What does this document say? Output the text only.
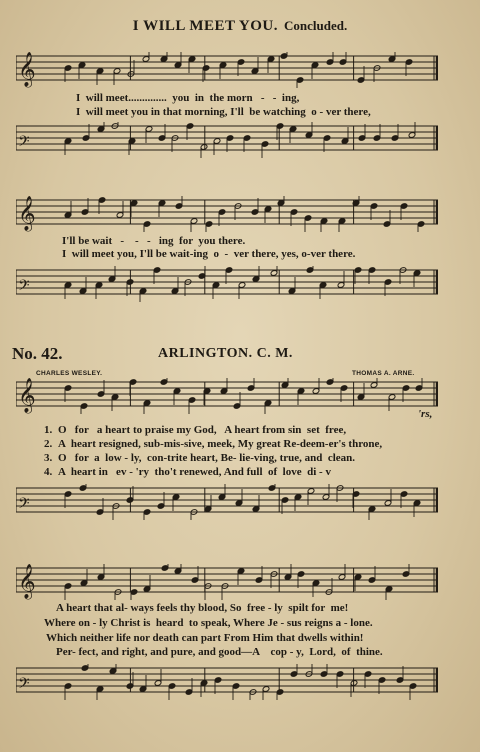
I WILL MEET YOU. Concluded.
𝄞
I  will meet..............  you  in  the morn   -   -  ing,
I  will meet you in that morning, I'll  be watching  o - ver there,
𝄢
𝄞
I'll be wait   -    -   -   ing  for  you there.
I  will meet you, I'll be wait-ing  o  -  ver there, yes, o-ver there.
𝄢
No. 42.	ARLINGTON. C. M.
CHARLES WESLEY.	THOMAS A. ARNE.
𝄞
'rs,
1. O   for   a heart to praise my God,   A heart from sin  set  free,
2. A  heart resigned, sub-mis-sive, meek, My great Re-deem-er's throne,
3. O   for  a  low - ly,  con-trite heart, Be- lie-ving, true, and  clean.
4. A  heart in   ev - 'ry  tho't renewed, And full  of  love  di - v
𝄢
𝄞
A heart that al- ways feels thy blood, So  free - ly  spilt for  me!
Where on - ly Christ is  heard  to speak, Where Je - sus reigns a - lone.
Which neither life nor death can part From Him that dwells within!
Per- fect, and right, and pure, and good—A    cop - y,  Lord,  of  thine.
𝄢
